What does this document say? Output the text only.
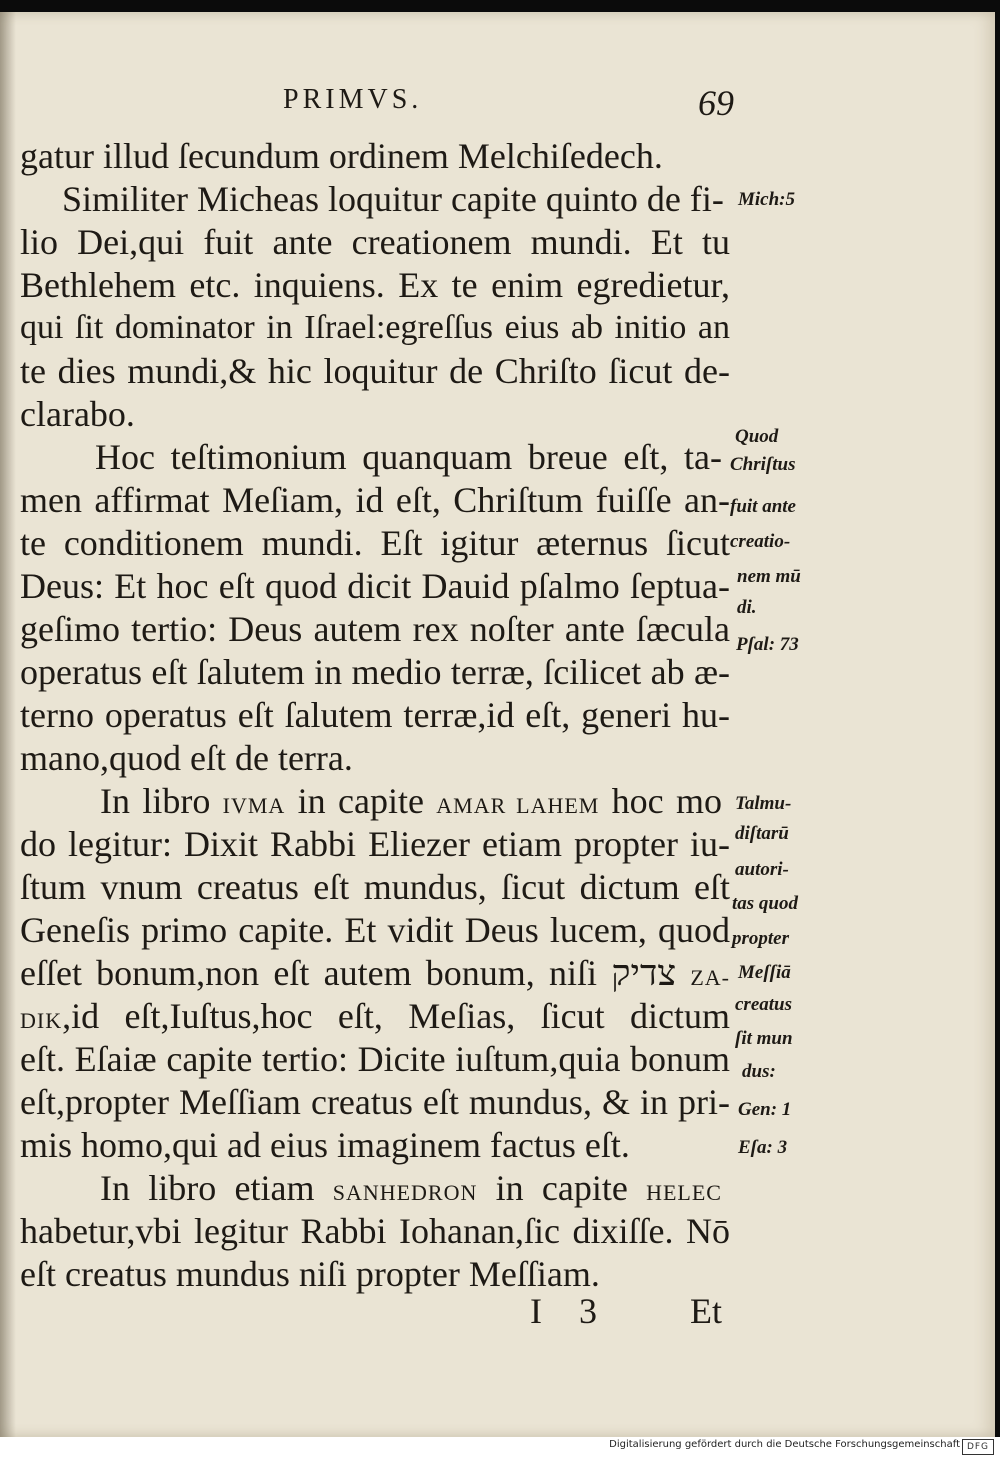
PRIMVS.	69
gatur illud ſecundum ordinem Melchiſedech.
Similiter Micheas loquitur capite quinto de fi-
lio Dei,qui fuit ante creationem mundi. Et tu
Bethlehem etc. inquiens. Ex te enim egredietur,
qui ſit dominator in Iſrael:egreſſus eius ab initio an
te dies mundi,& hic loquitur de Chriſto ſicut de-
clarabo.
Hoc teſtimonium quanquam breue eſt, ta-
men affirmat Meſiam, id eſt, Chriſtum fuiſſe an-
te conditionem mundi. Eſt igitur æternus ſicut
Deus: Et hoc eſt quod dicit Dauid pſalmo ſeptua-
geſimo tertio: Deus autem rex noſter ante ſæcula
operatus eſt ſalutem in medio terræ, ſcilicet ab æ-
terno operatus eſt ſalutem terræ,id eſt, generi hu-
mano,quod eſt de terra.
In libro IVMA in capite AMAR LAHEM hoc mo
do legitur: Dixit Rabbi Eliezer etiam propter iu-
ſtum vnum creatus eſt mundus, ſicut dictum eſt
Geneſis primo capite. Et vidit Deus lucem, quod
eſſet bonum,non eſt autem bonum, niſi צדיק ZA-
DIK,id eſt,Iuſtus,hoc eſt, Meſias, ſicut dictum
eſt. Eſaiæ capite tertio: Dicite iuſtum,quia bonum
eſt,propter Meſſiam creatus eſt mundus, & in pri-
mis homo,qui ad eius imaginem factus eſt.
In libro etiam SANHEDRON in capite HELEC
habetur,vbi legitur Rabbi Iohanan,ſic dixiſſe. Nō
eſt creatus mundus niſi propter Meſſiam.
I 3 Et
Mich:5
Quod
Chriſtus
fuit ante
creatio-
nem mū
di.
Pſal: 73
Talmu-
diſtarū
autori-
tas quod
propter
Meſſiā
creatus
ſit mun
dus:
Gen: 1
Eſa: 3
Digitalisierung gefördert durch die Deutsche Forschungsgemeinschaft DFG
